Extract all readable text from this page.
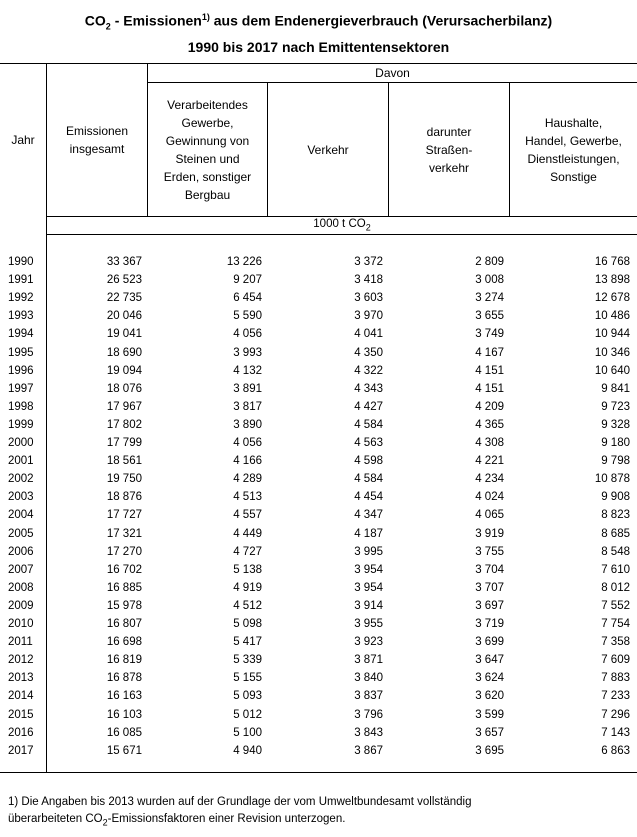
$CO_2$ - Emissionen$^{1)}$ aus dem Endenergieverbrauch (Verursacherbilanz)
1990 bis 2017 nach Emittentensektoren
Jahr
Emissionen
insgesamt
Davon
Verarbeitendes
Gewerbe,
Gewinnung von
Steinen und
Erden, sonstiger
Bergbau
Verkehr
darunter
Straßen-
verkehr
Haushalte,
Handel, Gewerbe,
Dienstleistungen,
Sonstige
1000 t $CO_2$
1990	33 367	13 226	3 372	2 809	16 768
1991	26 523	9 207	3 418	3 008	13 898
1992	22 735	6 454	3 603	3 274	12 678
1993	20 046	5 590	3 970	3 655	10 486
1994	19 041	4 056	4 041	3 749	10 944
1995	18 690	3 993	4 350	4 167	10 346
1996	19 094	4 132	4 322	4 151	10 640
1997	18 076	3 891	4 343	4 151	9 841
1998	17 967	3 817	4 427	4 209	9 723
1999	17 802	3 890	4 584	4 365	9 328
2000	17 799	4 056	4 563	4 308	9 180
2001	18 561	4 166	4 598	4 221	9 798
2002	19 750	4 289	4 584	4 234	10 878
2003	18 876	4 513	4 454	4 024	9 908
2004	17 727	4 557	4 347	4 065	8 823
2005	17 321	4 449	4 187	3 919	8 685
2006	17 270	4 727	3 995	3 755	8 548
2007	16 702	5 138	3 954	3 704	7 610
2008	16 885	4 919	3 954	3 707	8 012
2009	15 978	4 512	3 914	3 697	7 552
2010	16 807	5 098	3 955	3 719	7 754
2011	16 698	5 417	3 923	3 699	7 358
2012	16 819	5 339	3 871	3 647	7 609
2013	16 878	5 155	3 840	3 624	7 883
2014	16 163	5 093	3 837	3 620	7 233
2015	16 103	5 012	3 796	3 599	7 296
2016	16 085	5 100	3 843	3 657	7 143
2017	15 671	4 940	3 867	3 695	6 863
1) Die Angaben bis 2013 wurden auf der Grundlage der vom Umweltbundesamt vollständig
überarbeiteten $CO_2$-Emissionsfaktoren einer Revision unterzogen.
